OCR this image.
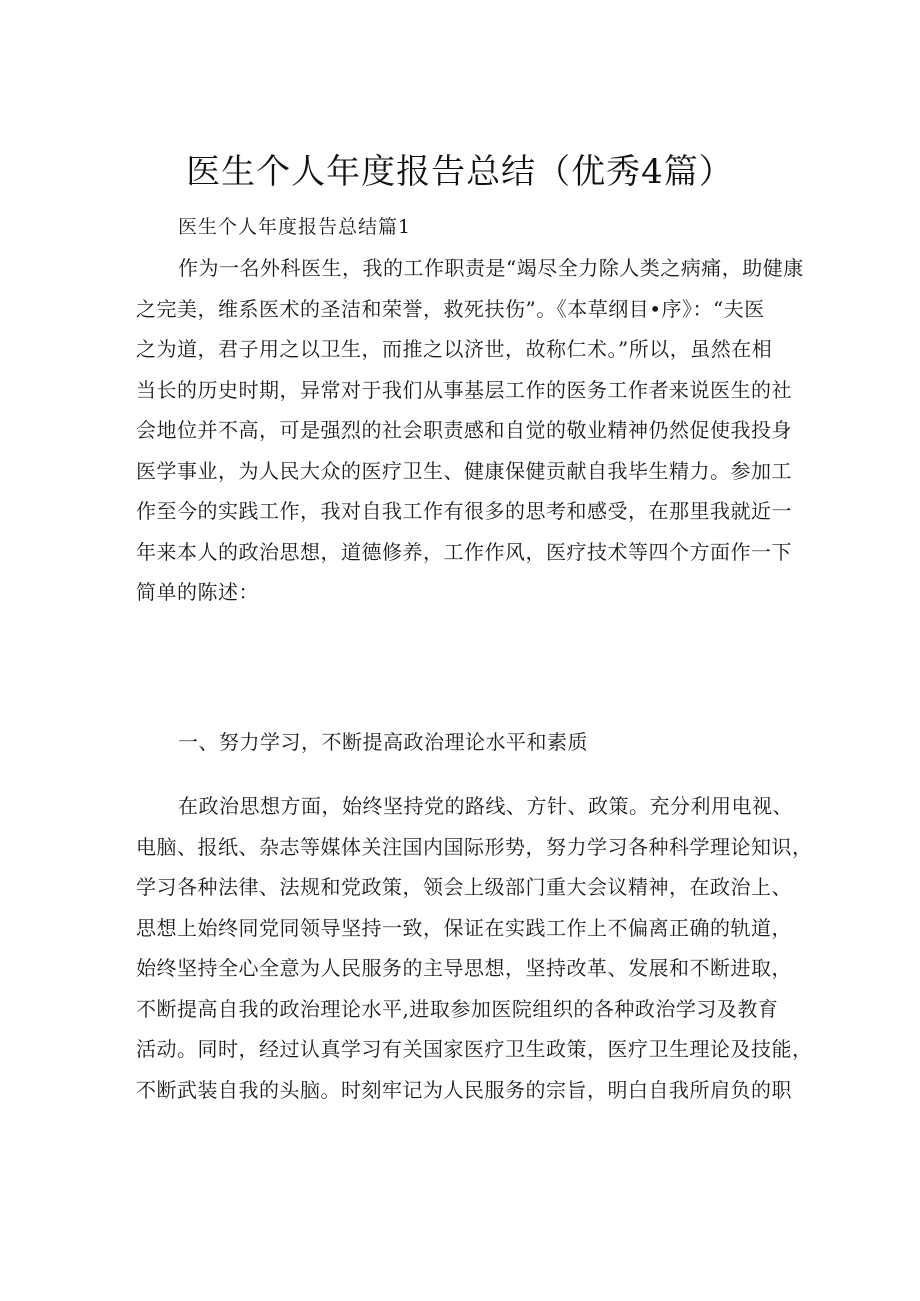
医生个人年度报告总结（优秀4篇）

医生个人年度报告总结篇1

作为一名外科医生，我的工作职责是“竭尽全力除人类之病痛，助健康
之完美，维系医术的圣洁和荣誉，救死扶伤”。《本草纲目•序》：“夫医
之为道，君子用之以卫生，而推之以济世，故称仁术。”所以，虽然在相
当长的历史时期，异常对于我们从事基层工作的医务工作者来说医生的社
会地位并不高，可是强烈的社会职责感和自觉的敬业精神仍然促使我投身
医学事业，为人民大众的医疗卫生、健康保健贡献自我毕生精力。参加工
作至今的实践工作，我对自我工作有很多的思考和感受，在那里我就近一
年来本人的政治思想，道德修养，工作作风，医疗技术等四个方面作一下
简单的陈述：

一、努力学习，不断提高政治理论水平和素质

在政治思想方面，始终坚持党的路线、方针、政策。充分利用电视、
电脑、报纸、杂志等媒体关注国内国际形势，努力学习各种科学理论知识，
学习各种法律、法规和党政策，领会上级部门重大会议精神，在政治上、
思想上始终同党同领导坚持一致，保证在实践工作上不偏离正确的轨道，
始终坚持全心全意为人民服务的主导思想，坚持改革、发展和不断进取，
不断提高自我的政治理论水平,进取参加医院组织的各种政治学习及教育
活动。同时，经过认真学习有关国家医疗卫生政策，医疗卫生理论及技能，
不断武装自我的头脑。时刻牢记为人民服务的宗旨，明白自我所肩负的职
